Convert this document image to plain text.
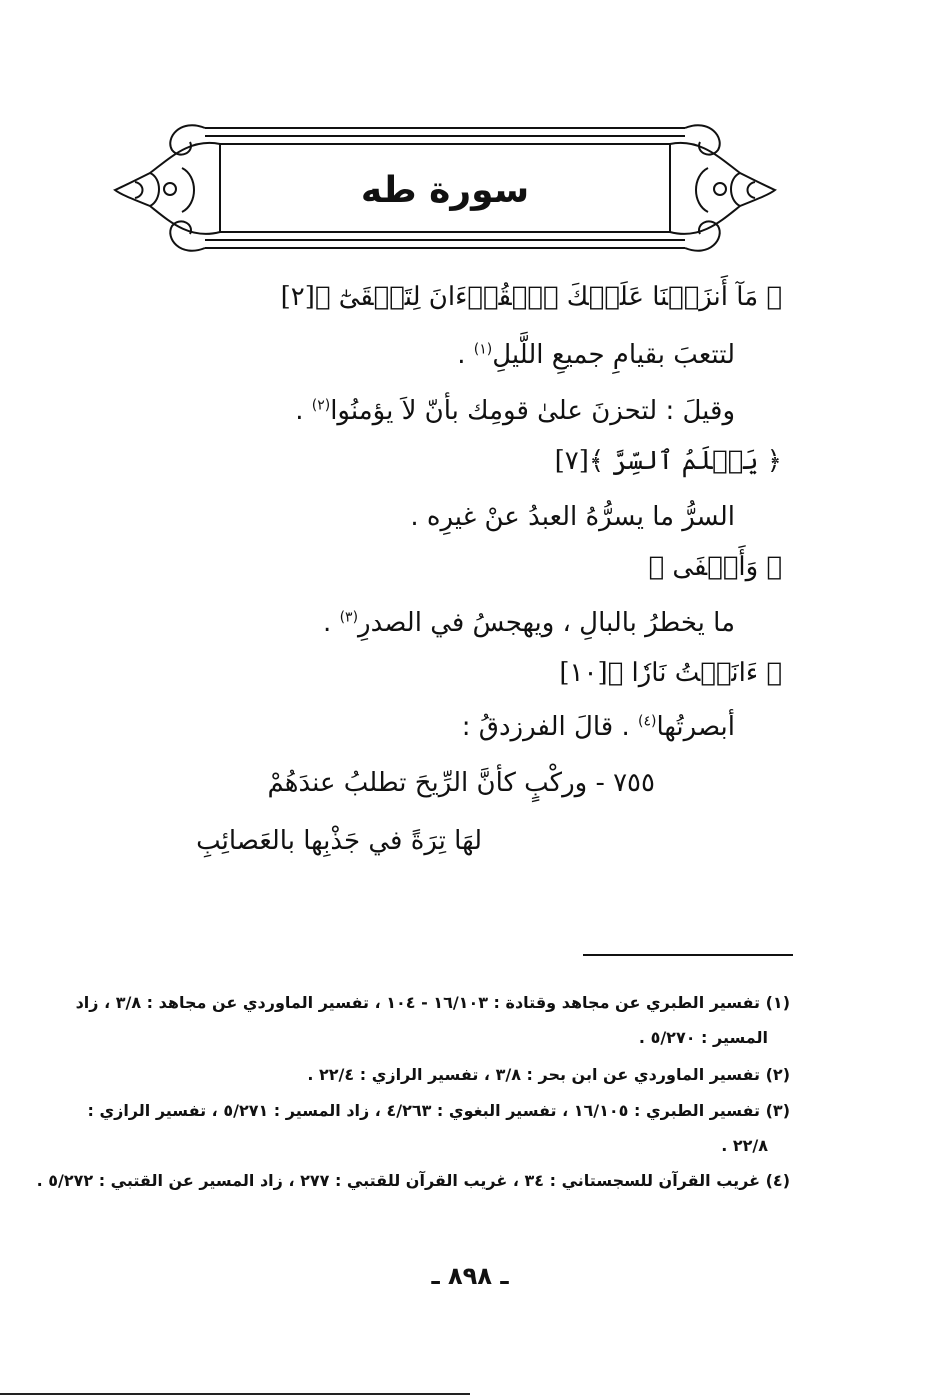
سورة طه
﴿ مَآ أَنزَلۡنَا عَلَيۡكَ ٱلۡقُرۡءَانَ لِتَشۡقَىٰٓ ﴾[٢]
لتتعبَ بقيامِ جميعِ اللَّيلِ$^{(١)}$ .
وقيلَ : لتحزنَ علىٰ قومِك بأنّ لاَ يؤمنُوا$^{(٢)}$ .
﴿ يَعۡلَمُ ٱلسِّرَّ ﴾[٧]
السرُّ ما يسرُّهُ العبدُ عنْ غيرِه .
﴿ وَأَخۡفَى ﴾
ما يخطرُ بالبالِ ، ويهجسُ في الصدرِ$^{(٣)}$ .
﴿ ءَانَسۡتُ نَارٗا ﴾[١٠]
أبصرتُها$^{(٤)}$ . قالَ الفرزدقُ :
٧٥٥ - وركْبٍ كأنَّ الرِّيحَ تطلبُ عندَهُمْ
لهَا تِرَةً في جَذْبِها بالعَصائِبِ
(١) تفسير الطبري عن مجاهد وقتادة : ١٦/١٠٣ - ١٠٤ ، تفسير الماوردي عن مجاهد : ٣/٨ ، زاد
المسير : ٥/٢٧٠ .
(٢) تفسير الماوردي عن ابن بحر : ٣/٨ ، تفسير الرازي : ٢٢/٤ .
(٣) تفسير الطبري : ١٦/١٠٥ ، تفسير البغوي : ٤/٢٦٣ ، زاد المسير : ٥/٢٧١ ، تفسير الرازي :
٢٢/٨ .
(٤) غريب القرآن للسجستاني : ٣٤ ، غريب القرآن للقتبي : ٢٧٧ ، زاد المسير عن القتبي : ٥/٢٧٢ .
ـ ٨٩٨ ـ
